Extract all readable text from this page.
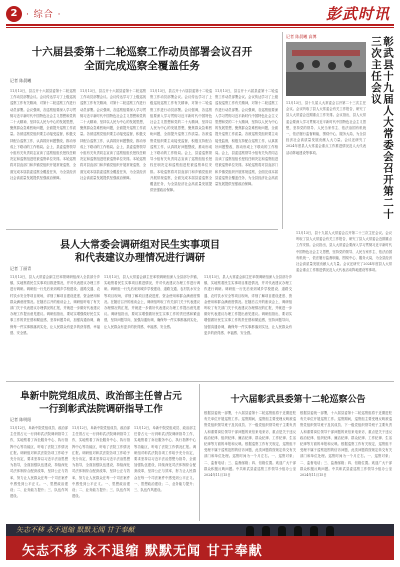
2 · 综合 ·	彭武时讯
十六届县委第十二轮巡察工作动员部署会议召开
全面完成巡察全覆盖任务
记者 陈晨曦
11月13日，县召开十六届县委第十二轮巡察工作动员部署会议。会议传达学习了上级巡视巡察工作有关精神，对第十二轮巡察工作进行动员部署。会议强调，各巡察组要深入学习贯彻习近平新时代中国特色社会主义思想和党的二十大精神，坚持以人民为中心的发展思想，聚焦群众急难愁盼问题，全面提升巡察工作质量。各被巡察党组织要主动接受监督，积极支持配合巡察工作，认真抓好问题整改，推动形成上下联动的工作格局。会上，县委巡察领导小组有关负责同志宣读了巡察组组长授权任职决定和巡察组进驻被巡察单位安排。本轮巡察将对县直部门和乡镇党组织开展常规巡察，全面完成本届县委巡察全覆盖任务，为全县经济社会高质量发展提供坚强政治保障。
11月13日，县召开十六届县委第十二轮巡察工作动员部署会议。会议传达学习了上级巡视巡察工作有关精神，对第十二轮巡察工作进行动员部署。会议强调，各巡察组要深入学习贯彻习近平新时代中国特色社会主义思想和党的二十大精神，坚持以人民为中心的发展思想，聚焦群众急难愁盼问题，全面提升巡察工作质量。各被巡察党组织要主动接受监督，积极支持配合巡察工作，认真抓好问题整改，推动形成上下联动的工作格局。会上，县委巡察领导小组有关负责同志宣读了巡察组组长授权任职决定和巡察组进驻被巡察单位安排。本轮巡察将对县直部门和乡镇党组织开展常规巡察，全面完成本届县委巡察全覆盖任务，为全县经济社会高质量发展提供坚强政治保障。
11月13日，县召开十六届县委第十二轮巡察工作动员部署会议。会议传达学习了上级巡视巡察工作有关精神，对第十二轮巡察工作进行动员部署。会议强调，各巡察组要深入学习贯彻习近平新时代中国特色社会主义思想和党的二十大精神，坚持以人民为中心的发展思想，聚焦群众急难愁盼问题，全面提升巡察工作质量。各被巡察党组织要主动接受监督，积极支持配合巡察工作，认真抓好问题整改，推动形成上下联动的工作格局。会上，县委巡察领导小组有关负责同志宣读了巡察组组长授权任职决定和巡察组进驻被巡察单位安排。本轮巡察将对县直部门和乡镇党组织开展常规巡察，全面完成本届县委巡察全覆盖任务，为全县经济社会高质量发展提供坚强政治保障。
11月13日，县召开十六届县委第十二轮巡察工作动员部署会议。会议传达学习了上级巡视巡察工作有关精神，对第十二轮巡察工作进行动员部署。会议强调，各巡察组要深入学习贯彻习近平新时代中国特色社会主义思想和党的二十大精神，坚持以人民为中心的发展思想，聚焦群众急难愁盼问题，全面提升巡察工作质量。各被巡察党组织要主动接受监督，积极支持配合巡察工作，认真抓好问题整改，推动形成上下联动的工作格局。会上，县委巡察领导小组有关负责同志宣读了巡察组组长授权任职决定和巡察组进驻被巡察单位安排。本轮巡察将对县直部门和乡镇党组织开展常规巡察，全面完成本届县委巡察全覆盖任务，为全县经济社会高质量发展提供坚强政治保障。
县人大常委会调研组对民生实事项目
和代表建议办理情况进行调研
记者 丁丽青
11月13日，县人大常委会副主任率领调研组深入全县部分乡镇，实地察看民生实事项目推进情况，并对代表建议办理工作进行调研。调研组一行先后来到城乡学校建设、道路交通、农村饮水安全等项目现场，详细了解项目建设进度、资金使用和群众满意度情况。在随后召开的座谈会上，调研组听取了有关部门关于代表建议办理情况的汇报，并就进一步做好代表建议办理工作提出意见建议。调研组指出，要切实增强做好民生实事工作的责任感和紧迫感，坚持问题导向，加强沟通协调，确保每一件实事都落到实处，让人民群众有更多的获得感、幸福感、安全感。
11月13日，县人大常委会副主任率领调研组深入全县部分乡镇，实地察看民生实事项目推进情况，并对代表建议办理工作进行调研。调研组一行先后来到城乡学校建设、道路交通、农村饮水安全等项目现场，详细了解项目建设进度、资金使用和群众满意度情况。在随后召开的座谈会上，调研组听取了有关部门关于代表建议办理情况的汇报，并就进一步做好代表建议办理工作提出意见建议。调研组指出，要切实增强做好民生实事工作的责任感和紧迫感，坚持问题导向，加强沟通协调，确保每一件实事都落到实处，让人民群众有更多的获得感、幸福感、安全感。
11月13日，县人大常委会副主任率领调研组深入全县部分乡镇，实地察看民生实事项目推进情况，并对代表建议办理工作进行调研。调研组一行先后来到城乡学校建设、道路交通、农村饮水安全等项目现场，详细了解项目建设进度、资金使用和群众满意度情况。在随后召开的座谈会上，调研组听取了有关部门关于代表建议办理情况的汇报，并就进一步做好代表建议办理工作提出意见建议。调研组指出，要切实增强做好民生实事工作的责任感和紧迫感，坚持问题导向，加强沟通协调，确保每一件实事都落到实处，让人民群众有更多的获得感、幸福感、安全感。
11月13日，县十九届人大常委会召开第二十三次主任会议。会议听取了县人大常委会有关工作报告，研究了县人大常委会近期重点工作安排。会议指出，县人大常委会要深入学习贯彻习近平新时代中国特色社会主义思想，坚持党的领导、人民当家作主、依法治国有机统一，依法履行监督职能，围绕中心、服务大局，为全县经济社会高质量发展贡献人大力量。会议还研究了2024年度县人大常委会重点工作推进情况及人大代表活动阵地建设等事项。
阜新中院党组成员、政治部主任曾占元
一行到彰武法院调研指导工作
记者 陈明阳
11月12日，阜新中院党组成员、政治部主任曾占元一行到彰武法院调研指导工作，实地察看了诉讼服务中心、执行指挥中心等功能区，听取了法院工作情况汇报。调研组对彰武法院各项工作给予充分肯定，要求坚持以习近平法治思想为指导，全面加强队伍建设，持续深化司法体制综合配套改革，坚持公正与效率，努力让人民群众在每一个司法案件中感受到公平正义。一、思想政治建设；二、业务能力提升；三、队伍作风建设。
11月12日，阜新中院党组成员、政治部主任曾占元一行到彰武法院调研指导工作，实地察看了诉讼服务中心、执行指挥中心等功能区，听取了法院工作情况汇报。调研组对彰武法院各项工作给予充分肯定，要求坚持以习近平法治思想为指导，全面加强队伍建设，持续深化司法体制综合配套改革，坚持公正与效率，努力让人民群众在每一个司法案件中感受到公平正义。一、思想政治建设；二、业务能力提升；三、队伍作风建设。
11月12日，阜新中院党组成员、政治部主任曾占元一行到彰武法院调研指导工作，实地察看了诉讼服务中心、执行指挥中心等功能区，听取了法院工作情况汇报。调研组对彰武法院各项工作给予充分肯定，要求坚持以习近平法治思想为指导，全面加强队伍建设，持续深化司法体制综合配套改革，坚持公正与效率，努力让人民群众在每一个司法案件中感受到公平正义。一、思想政治建设；二、业务能力提升；三、队伍作风建设。
十六届彰武县委第十二轮巡察公告
根据县委统一部署，十六届县委第十二轮巡察组将于近期进驻有关单位开展巡察工作。巡察期间，巡察组主要受理反映被巡察党组织领导班子及其成员、下一级党组织领导班子主要负责人和重要岗位领导干部问题的来信来电来访，重点是关于违反政治纪律、组织纪律、廉洁纪律、群众纪律、工作纪律、生活纪律等方面的举报和反映。根据巡察工作有关规定，巡察组不受理不属于巡察范围的信访问题，此类问题将按规定转交有关部门和单位处理。巡察时间为一个月左右。一、巡察对象；二、监督电话；三、监督邮箱；四、信箱位置。欢迎广大干部群众积极反映问题。中共彰武县委巡察工作领导小组办公室 2024年11月15日
根据县委统一部署，十六届县委第十二轮巡察组将于近期进驻有关单位开展巡察工作。巡察期间，巡察组主要受理反映被巡察党组织领导班子及其成员、下一级党组织领导班子主要负责人和重要岗位领导干部问题的来信来电来访，重点是关于违反政治纪律、组织纪律、廉洁纪律、群众纪律、工作纪律、生活纪律等方面的举报和反映。根据巡察工作有关规定，巡察组不受理不属于巡察范围的信访问题，此类问题将按规定转交有关部门和单位处理。巡察时间为一个月左右。一、巡察对象；二、监督电话；三、监督邮箱；四、信箱位置。欢迎广大干部群众积极反映问题。中共彰武县委巡察工作领导小组办公室 2024年11月15日
记者 陈晨曦 高博	彰武县十九届人大常委会召开第二十三次主任会议
11月13日，县十九届人大常委会召开第二十三次主任会议。会议听取了县人大常委会有关工作报告，研究了县人大常委会近期重点工作安排。会议指出，县人大常委会要深入学习贯彻习近平新时代中国特色社会主义思想，坚持党的领导、人民当家作主、依法治国有机统一，依法履行监督职能，围绕中心、服务大局，为全县经济社会高质量发展贡献人大力量。会议还研究了2024年度县人大常委会重点工作推进情况及人大代表活动阵地建设等事项。
矢志不移 永不退缩 默默无闻 甘于奉献
矢志不移 永不退缩 默默无闻 甘于奉献
